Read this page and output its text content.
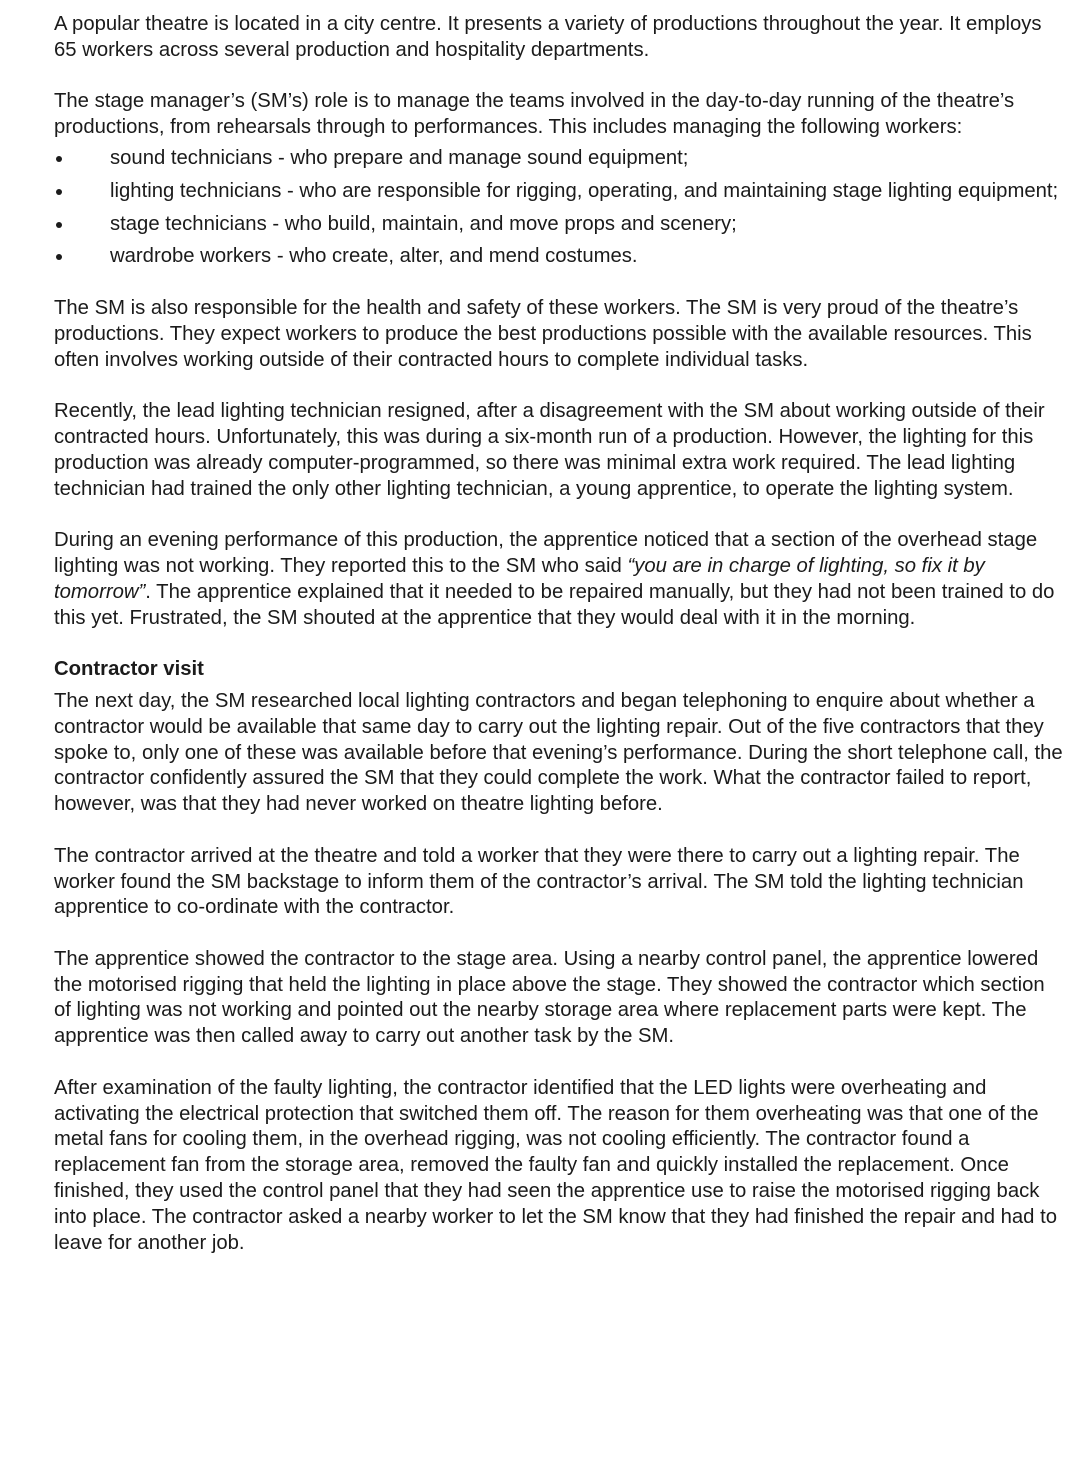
A popular theatre is located in a city centre. It presents a variety of productions throughout the year. It employs 65 workers across several production and hospitality departments.

The stage manager’s (SM’s) role is to manage the teams involved in the day-to-day running of the theatre’s productions, from rehearsals through to performances. This includes managing the following workers:

sound technicians - who prepare and manage sound equipment;
lighting technicians - who are responsible for rigging, operating, and maintaining stage lighting equipment;
stage technicians - who build, maintain, and move props and scenery;
wardrobe workers - who create, alter, and mend costumes.

The SM is also responsible for the health and safety of these workers. The SM is very proud of the theatre’s productions. They expect workers to produce the best productions possible with the available resources. This often involves working outside of their contracted hours to complete individual tasks.

Recently, the lead lighting technician resigned, after a disagreement with the SM about working outside of their contracted hours. Unfortunately, this was during a six-month run of a production. However, the lighting for this production was already computer-programmed, so there was minimal extra work required. The lead lighting technician had trained the only other lighting technician, a young apprentice, to operate the lighting system.

During an evening performance of this production, the apprentice noticed that a section of the overhead stage lighting was not working. They reported this to the SM who said “you are in charge of lighting, so fix it by tomorrow”. The apprentice explained that it needed to be repaired manually, but they had not been trained to do this yet. Frustrated, the SM shouted at the apprentice that they would deal with it in the morning.

Contractor visit

The next day, the SM researched local lighting contractors and began telephoning to enquire about whether a contractor would be available that same day to carry out the lighting repair. Out of the five contractors that they spoke to, only one of these was available before that evening’s performance. During the short telephone call, the contractor confidently assured the SM that they could complete the work. What the contractor failed to report, however, was that they had never worked on theatre lighting before.

The contractor arrived at the theatre and told a worker that they were there to carry out a lighting repair. The worker found the SM backstage to inform them of the contractor’s arrival. The SM told the lighting technician apprentice to co-ordinate with the contractor.

The apprentice showed the contractor to the stage area. Using a nearby control panel, the apprentice lowered the motorised rigging that held the lighting in place above the stage. They showed the contractor which section of lighting was not working and pointed out the nearby storage area where replacement parts were kept. The apprentice was then called away to carry out another task by the SM.

After examination of the faulty lighting, the contractor identified that the LED lights were overheating and activating the electrical protection that switched them off. The reason for them overheating was that one of the metal fans for cooling them, in the overhead rigging, was not cooling efficiently. The contractor found a replacement fan from the storage area, removed the faulty fan and quickly installed the replacement. Once finished, they used the control panel that they had seen the apprentice use to raise the motorised rigging back into place. The contractor asked a nearby worker to let the SM know that they had finished the repair and had to leave for another job.
